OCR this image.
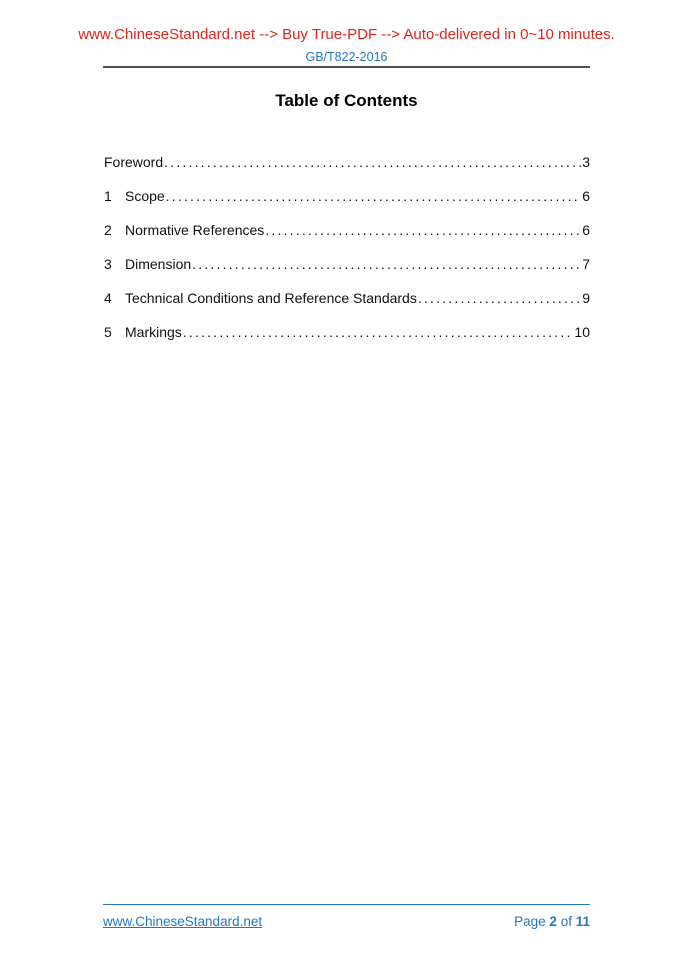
www.ChineseStandard.net --> Buy True-PDF --> Auto-delivered in 0~10 minutes.
GB/T822-2016
Table of Contents
Foreword .....	3
1 Scope .....	6
2 Normative References .....	6
3 Dimension .....	7
4 Technical Conditions and Reference Standards .....	9
5 Markings .....	10
www.ChineseStandard.net	Page 2 of 11
